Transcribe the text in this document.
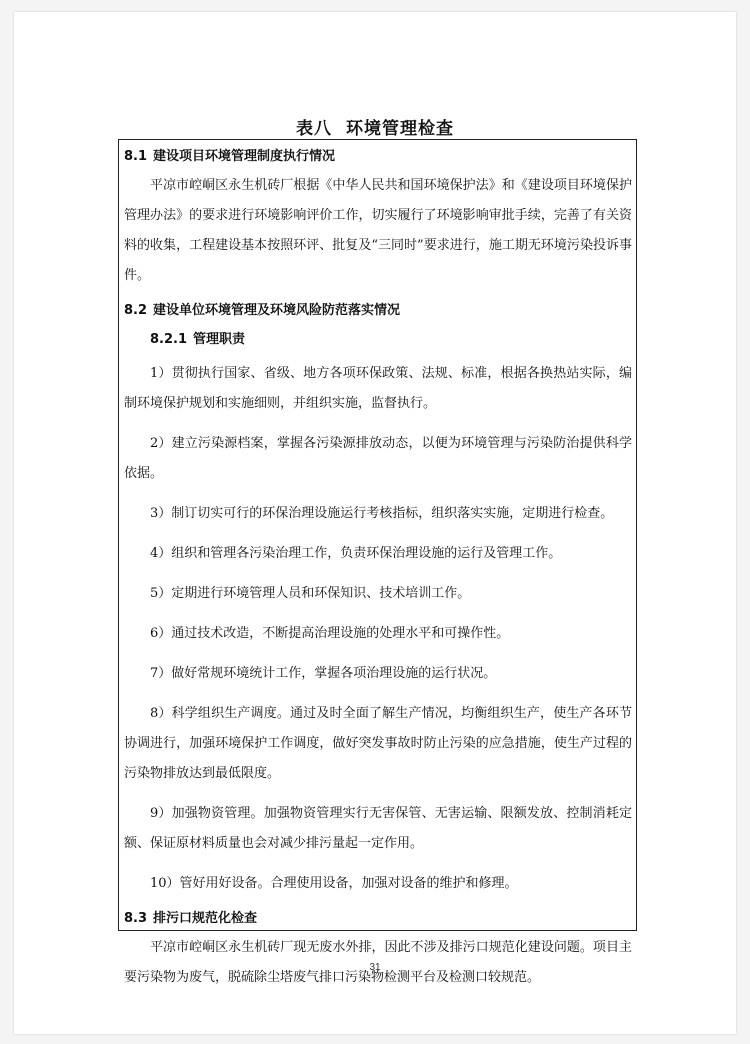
表八 环境管理检查
8.1 建设项目环境管理制度执行情况

平凉市崆峒区永生机砖厂根据《中华人民共和国环境保护法》和《建设项目环境保护管理办法》的要求进行环境影响评价工作，切实履行了环境影响审批手续，完善了有关资料的收集，工程建设基本按照环评、批复及“三同时”要求进行，施工期无环境污染投诉事件。

8.2 建设单位环境管理及环境风险防范落实情况
8.2.1 管理职责

1）贯彻执行国家、省级、地方各项环保政策、法规、标准，根据各换热站实际，编制环境保护规划和实施细则，并组织实施，监督执行。

2）建立污染源档案，掌握各污染源排放动态，以便为环境管理与污染防治提供科学依据。

3）制订切实可行的环保治理设施运行考核指标，组织落实实施，定期进行检查。

4）组织和管理各污染治理工作，负责环保治理设施的运行及管理工作。

5）定期进行环境管理人员和环保知识、技术培训工作。

6）通过技术改造，不断提高治理设施的处理水平和可操作性。

7）做好常规环境统计工作，掌握各项治理设施的运行状况。

8）科学组织生产调度。通过及时全面了解生产情况，均衡组织生产，使生产各环节协调进行，加强环境保护工作调度，做好突发事故时防止污染的应急措施，使生产过程的污染物排放达到最低限度。

9）加强物资管理。加强物资管理实行无害保管、无害运输、限额发放、控制消耗定额、保证原材料质量也会对减少排污量起一定作用。

10）管好用好设备。合理使用设备，加强对设备的维护和修理。

8.3 排污口规范化检查

平凉市崆峒区永生机砖厂现无废水外排，因此不涉及排污口规范化建设问题。项目主要污染物为废气，脱硫除尘塔废气排口污染物检测平台及检测口较规范。

31
